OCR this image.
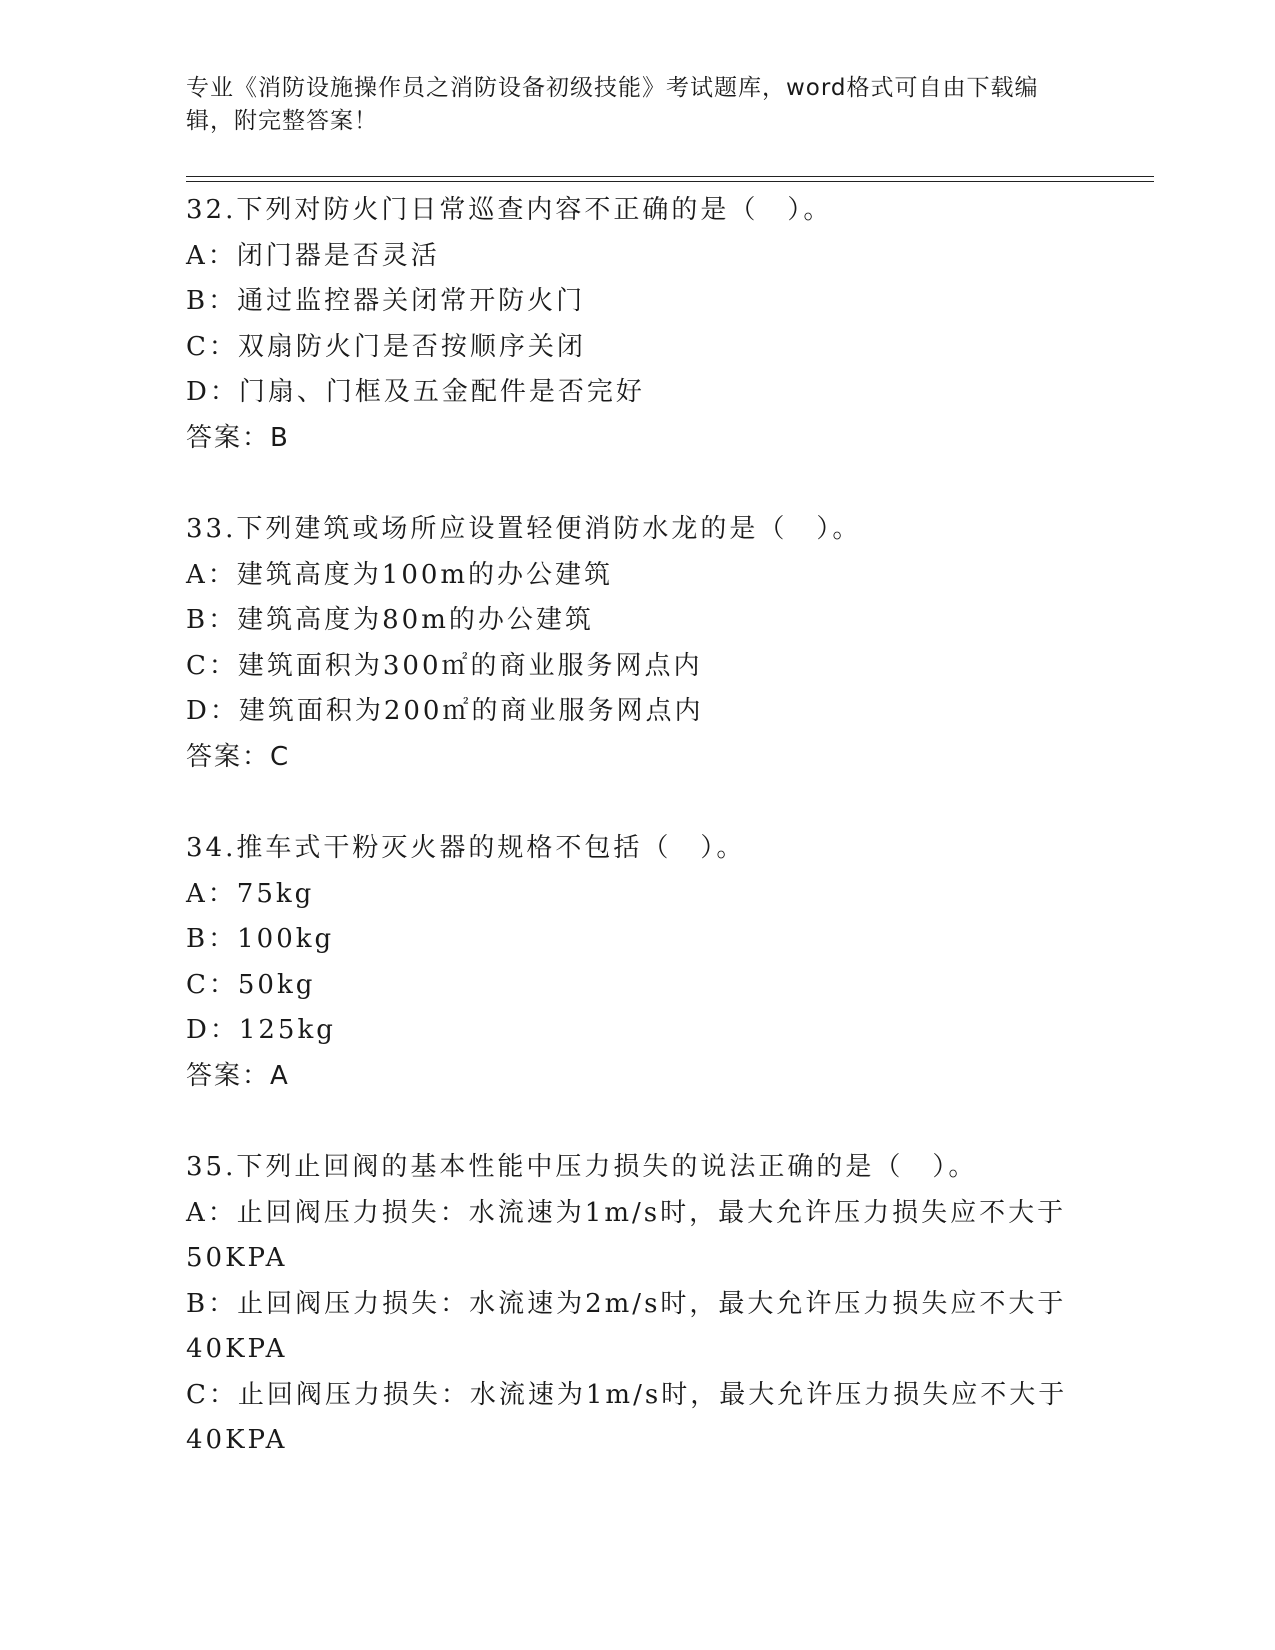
专业《消防设施操作员之消防设备初级技能》考试题库，word格式可自由下载编辑，附完整答案！
32.下列对防火门日常巡查内容不正确的是（　）。
A：闭门器是否灵活
B：通过监控器关闭常开防火门
C：双扇防火门是否按顺序关闭
D：门扇、门框及五金配件是否完好
答案：B
33.下列建筑或场所应设置轻便消防水龙的是（　）。
A：建筑高度为100m的办公建筑
B：建筑高度为80m的办公建筑
C：建筑面积为300㎡的商业服务网点内
D：建筑面积为200㎡的商业服务网点内
答案：C
34.推车式干粉灭火器的规格不包括（　）。
A：75kg
B：100kg
C：50kg
D：125kg
答案：A
35.下列止回阀的基本性能中压力损失的说法正确的是（　）。
A：止回阀压力损失：水流速为1m/s时，最大允许压力损失应不大于50KPA
B：止回阀压力损失：水流速为2m/s时，最大允许压力损失应不大于40KPA
C：止回阀压力损失：水流速为1m/s时，最大允许压力损失应不大于40KPA
